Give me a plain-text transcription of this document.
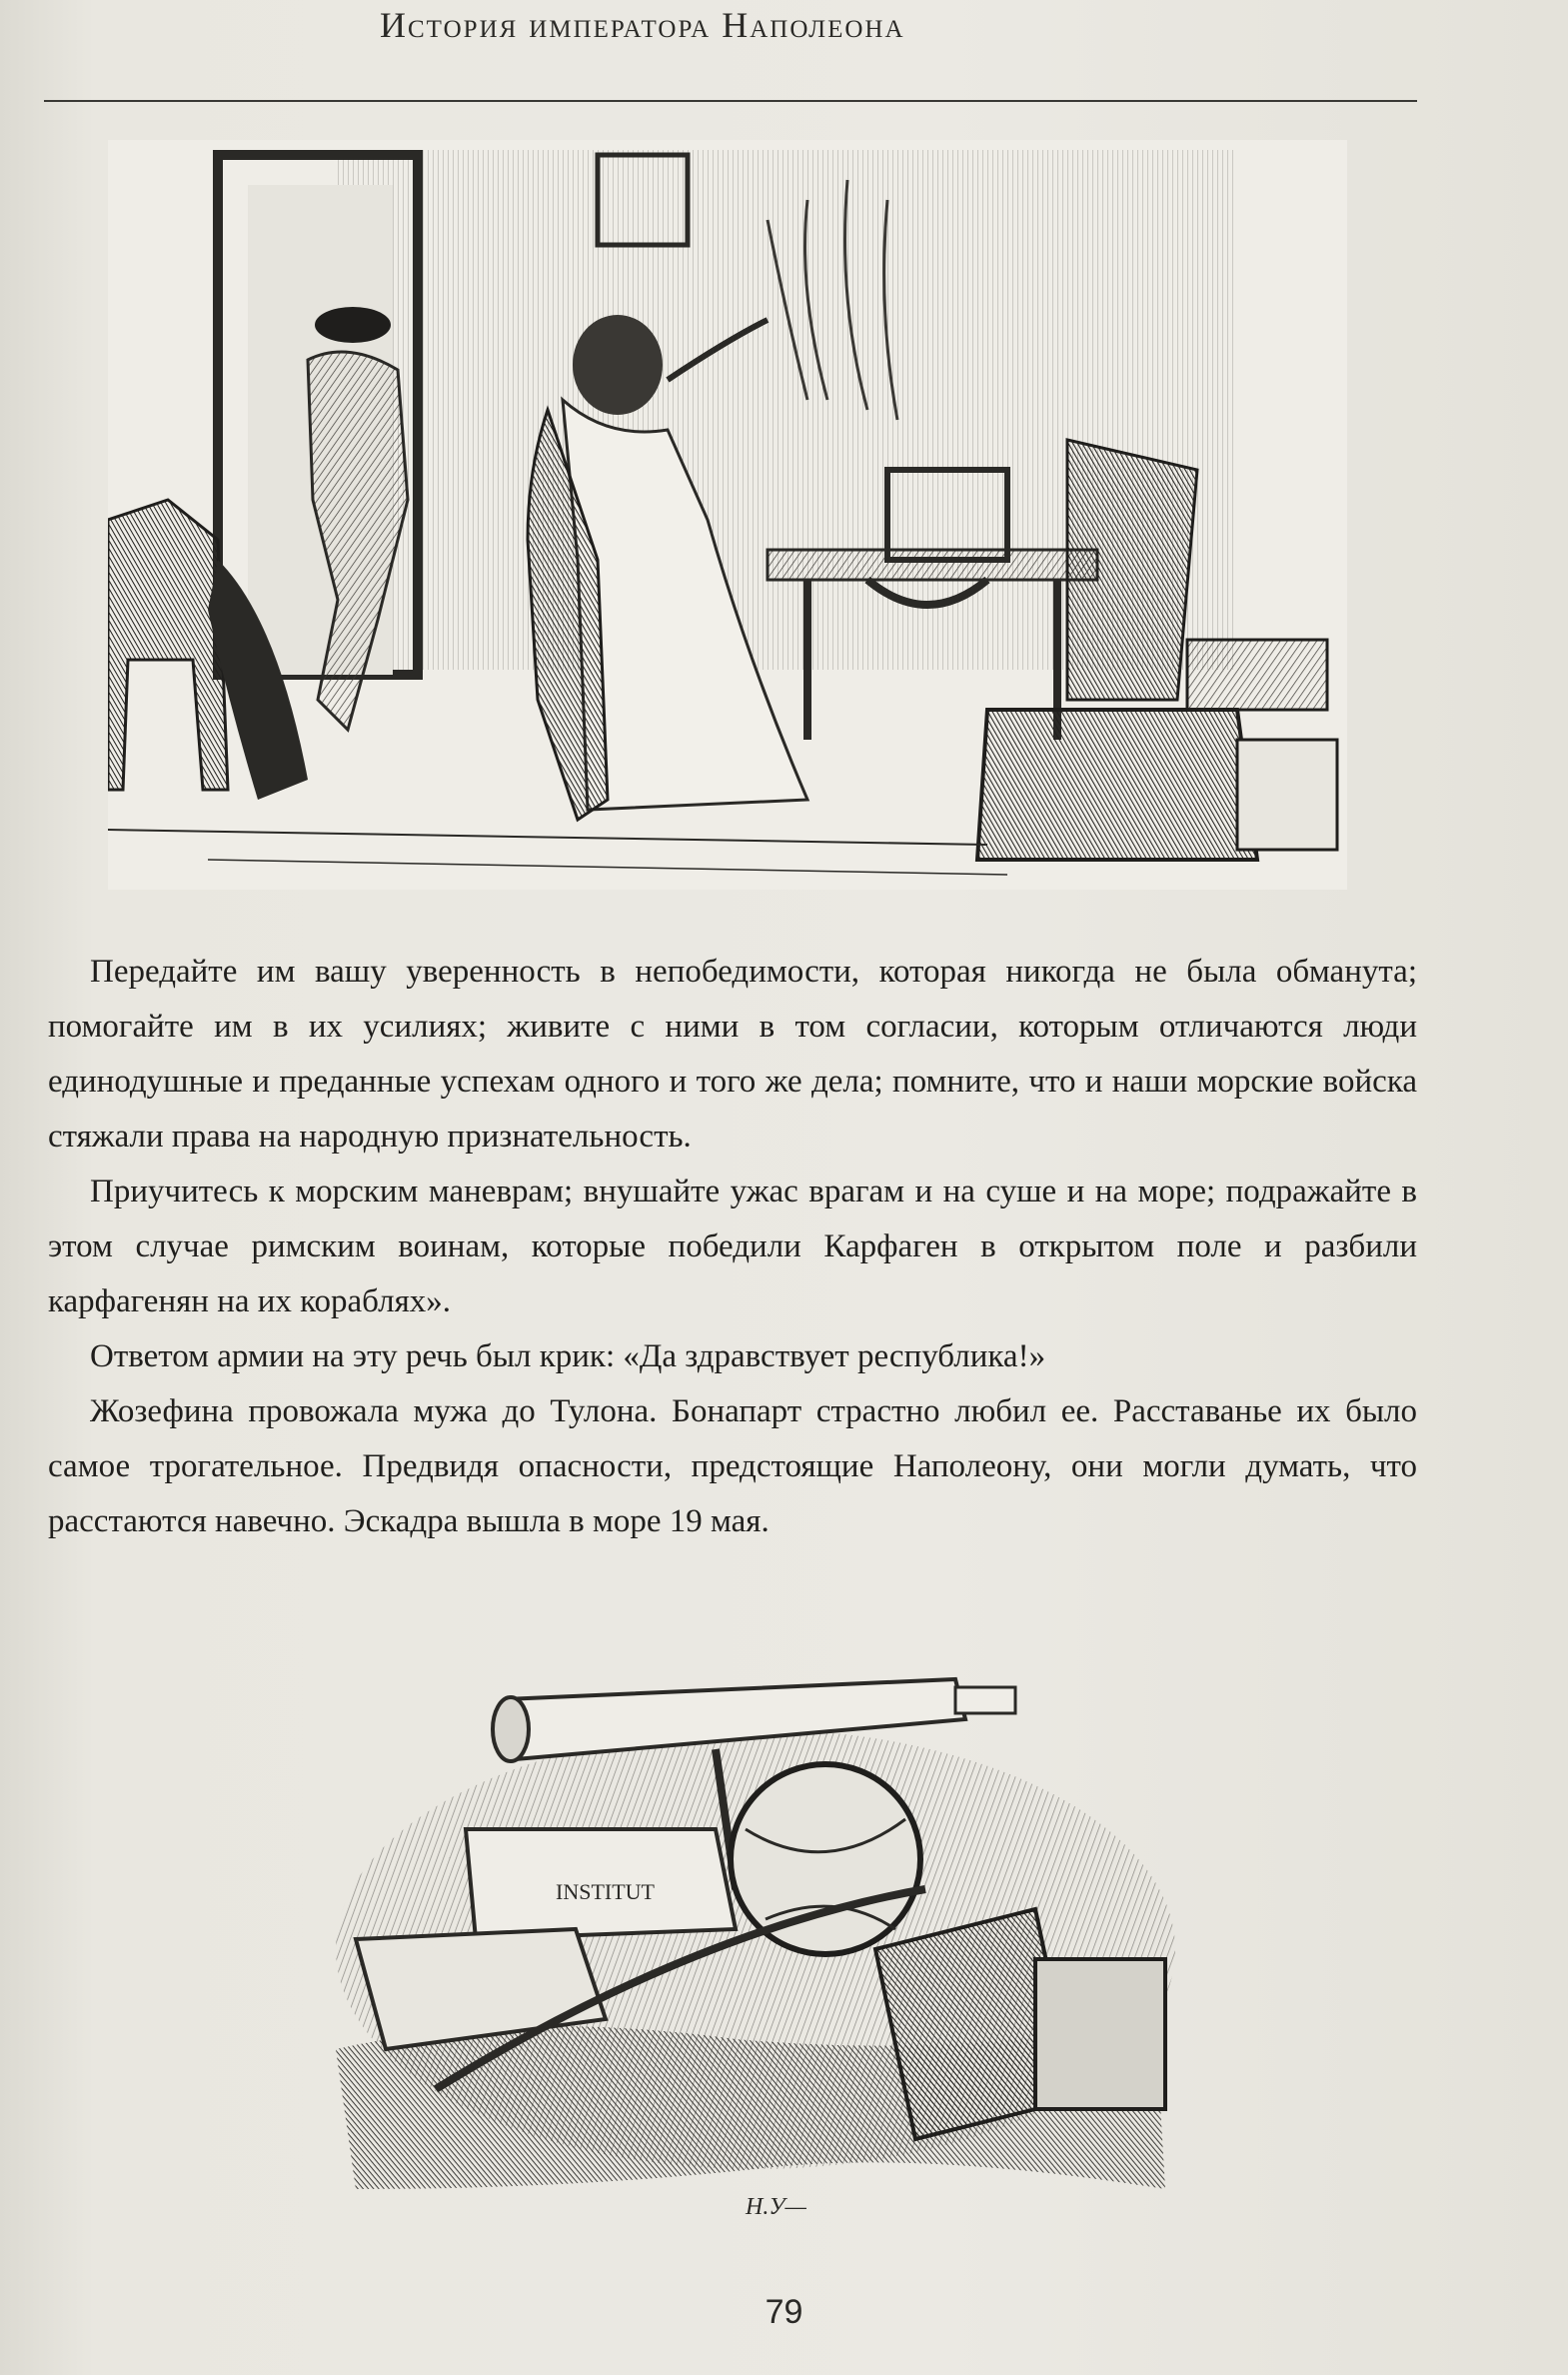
История императора Наполеона

Передайте им вашу уверенность в непобедимости, которая никогда не была обманута; помогайте им в их усилиях; живите с ними в том согласии, которым отличаются люди единодушные и преданные успехам одного и того же дела; помните, что и наши морские войска стяжали права на народную признательность.

Приучитесь к морским маневрам; внушайте ужас врагам и на суше и на море; подражайте в этом случае римским воинам, которые победили Карфаген в открытом поле и разбили карфагенян на их кораблях».

Ответом армии на эту речь был крик: «Да здравствует республика!»

Жозефина провожала мужа до Тулона. Бонапарт страстно любил ее. Расставанье их было самое трогательное. Предвидя опасности, предстоящие Наполеону, они могли думать, что расстаются навечно. Эскадра вышла в море 19 мая.

INSTITUT
Н.У—
79
